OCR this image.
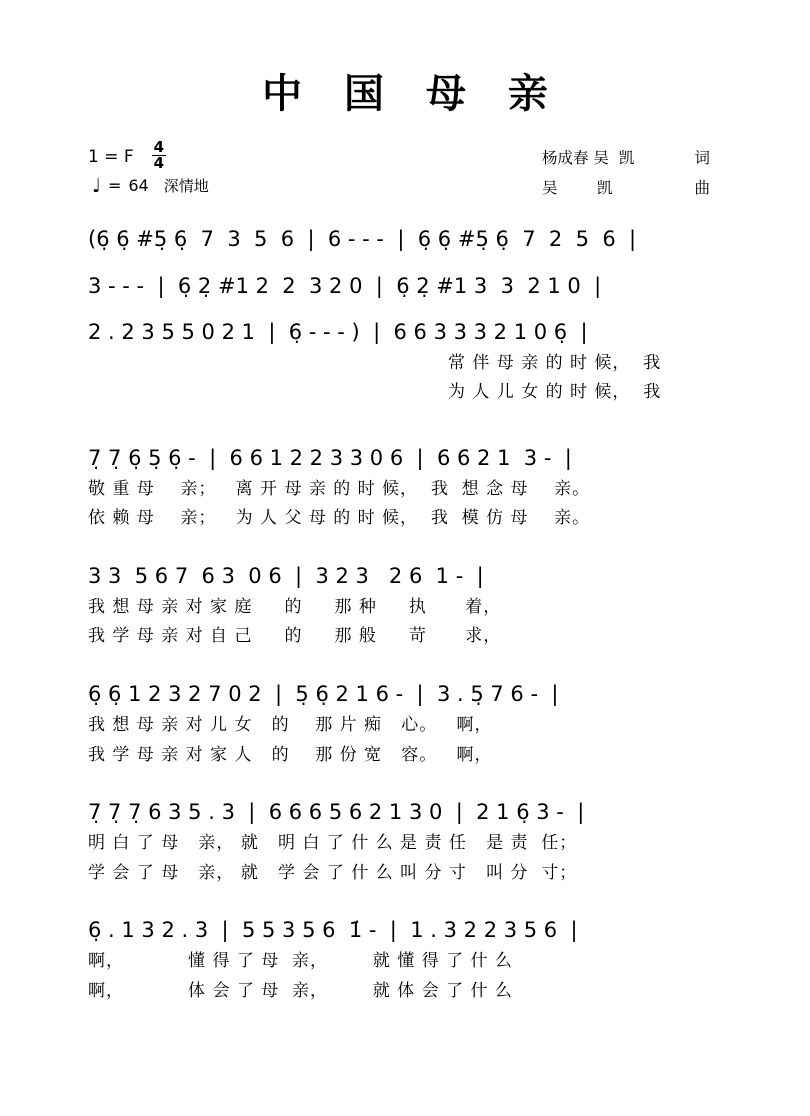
中 国 母 亲
1 = F $\frac{4}{4}$
♩ = 64 深情地
杨成春 吴  凯	词
吴        凯	曲
(6̣ 6̣ #5̣ 6̣  7  3  5  6  |  6 - - -  |  6̣ 6̣ #5̣ 6̣  7  2  5  6  |
3 - - -  |  6̣ 2̣ #1 2  2  3 2 0  |  6̣ 2̣ #1 3  3  2 1 0  |
2 . 2 3 5 5 0 2 1  |  6̣ - - - )  |  6 6 3 3 3 2 1 0 6̣  |
常 伴 母 亲 的 时 候，  我
为 人 儿 女 的 时 候，  我
7̣ 7̣ 6̣ 5̣ 6̣ -  |  6 6 1 2 2 3 3 0 6  |  6 6 2 1  3 -  |
敬 重 母    亲；   离 开 母 亲 的 时 候，  我  想 念 母    亲。
依 赖 母    亲；   为 人 父 母 的 时 候，  我  模 仿 母    亲。
3 3  5 6 7  6 3  0 6  |  3 2 3   2 6  1 -  |
我 想 母 亲 对 家 庭     的     那 种     执      着，
我 学 母 亲 对 自 己     的     那 般     苛      求，
6̣ 6̣ 1 2 3 2 7 0 2  |  5̣ 6̣ 2 1 6 -  |  3 . 5̣ 7 6 -  |
我 想 母 亲 对 儿 女   的    那 片 痴   心。   啊，
我 学 母 亲 对 家 人   的    那 份 宽   容。   啊，
7̣ 7̣ 7̣ 6 3 5 . 3  |  6 6 6 5 6 2 1 3 0  |  2 1 6̣ 3 -  |
明 白 了 母   亲， 就   明 白 了 什 么 是 责 任   是 责  任；
学 会 了 母   亲， 就   学 会 了 什 么 叫 分 寸   叫 分  寸；
6̣ . 1 3 2 . 3  |  5 5 3 5 6  1̇ -  |  1 . 3 2 2 3 5 6  |
啊，          懂 得 了 母  亲，       就 懂 得 了 什 么
啊，          体 会 了 母  亲，       就 体 会 了 什 么
